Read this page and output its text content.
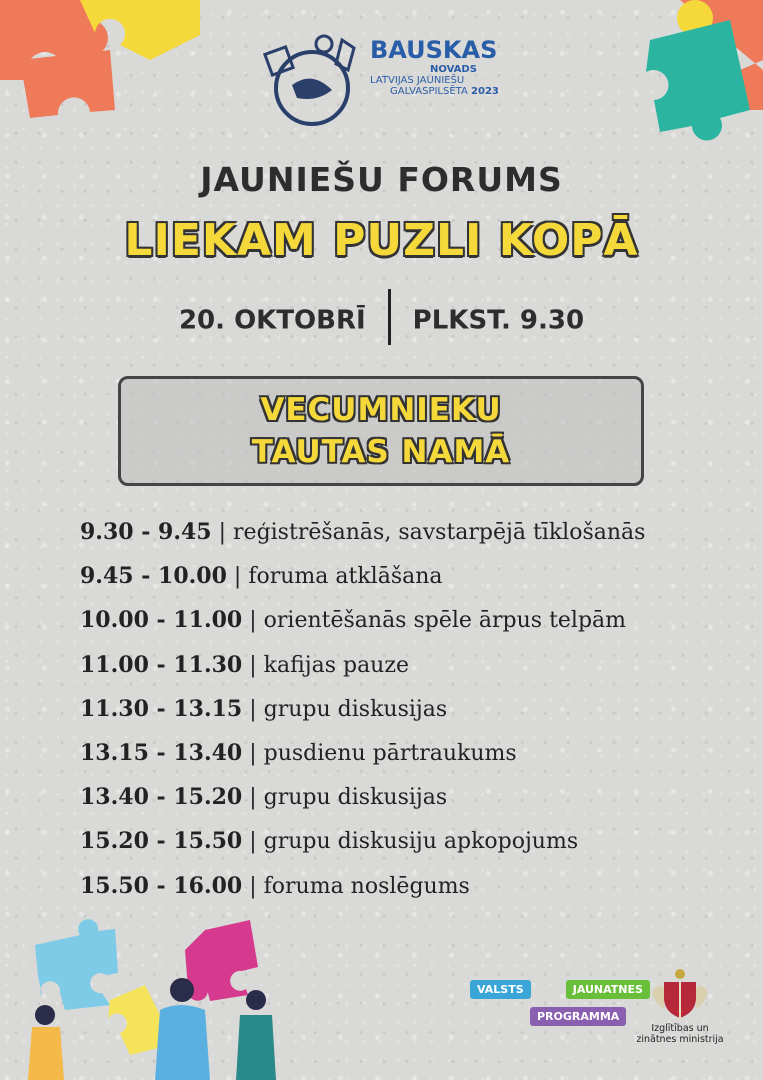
BAUSKAS
NOVADS
LATVIJAS JAUNIEŠU
GALVASPILSĒTA 2023
JAUNIEŠU FORUMS
LIEKAM PUZLI KOPĀ
20. OKTOBRĪ PLKST. 9.30
VECUMNIEKU
TAUTAS NAMĀ
9.30 - 9.45 | reģistrēšanās, savstarpējā tīklošanās
9.45 - 10.00 | foruma atklāšana
10.00 - 11.00 | orientēšanās spēle ārpus telpām
11.00 - 11.30 | kafijas pauze
11.30 - 13.15 | grupu diskusijas
13.15 - 13.40 | pusdienu pārtraukums
13.40 - 15.20 | grupu diskusijas
15.20 - 15.50 | grupu diskusiju apkopojums
15.50 - 16.00 | foruma noslēgums
VALSTS	JAUNATNES
PROGRAMMA
Izglītības un zinātnes ministrija
